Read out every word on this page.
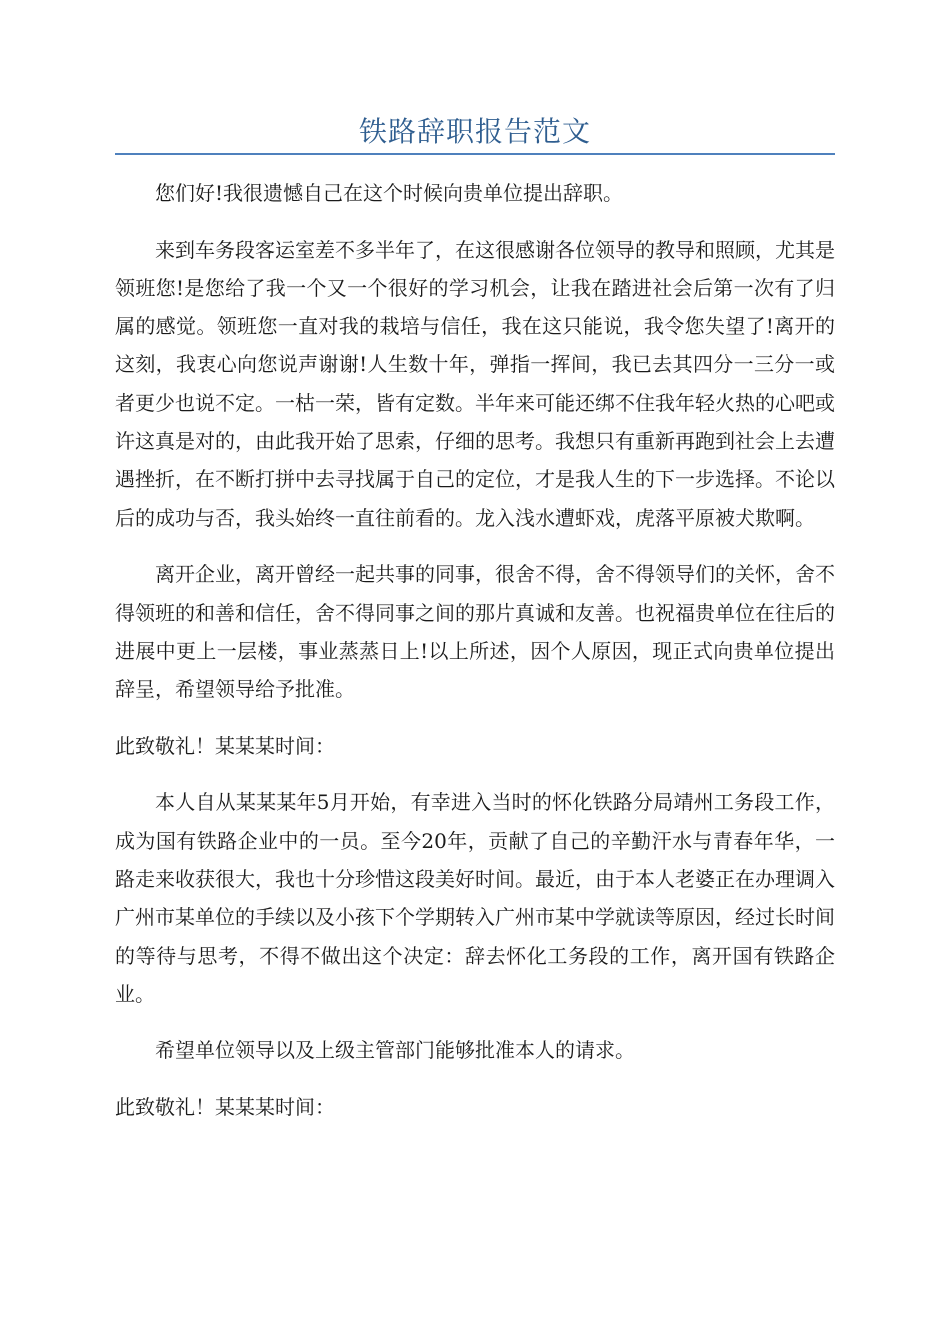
铁路辞职报告范文

您们好!我很遗憾自己在这个时候向贵单位提出辞职。

来到车务段客运室差不多半年了，在这很感谢各位领导的教导和照顾，尤其是领班您!是您给了我一个又一个很好的学习机会，让我在踏进社会后第一次有了归属的感觉。领班您一直对我的栽培与信任，我在这只能说，我令您失望了!离开的这刻，我衷心向您说声谢谢!人生数十年，弹指一挥间，我已去其四分一三分一或者更少也说不定。一枯一荣，皆有定数。半年来可能还绑不住我年轻火热的心吧或许这真是对的，由此我开始了思索，仔细的思考。我想只有重新再跑到社会上去遭遇挫折，在不断打拼中去寻找属于自己的定位，才是我人生的下一步选择。不论以后的成功与否，我头始终一直往前看的。龙入浅水遭虾戏，虎落平原被犬欺啊。

离开企业，离开曾经一起共事的同事，很舍不得，舍不得领导们的关怀，舍不得领班的和善和信任，舍不得同事之间的那片真诚和友善。也祝福贵单位在往后的进展中更上一层楼，事业蒸蒸日上!以上所述，因个人原因，现正式向贵单位提出辞呈，希望领导给予批准。

此致敬礼！某某某时间：

本人自从某某某年5月开始，有幸进入当时的怀化铁路分局靖州工务段工作，成为国有铁路企业中的一员。至今20年，贡献了自己的辛勤汗水与青春年华，一路走来收获很大，我也十分珍惜这段美好时间。最近，由于本人老婆正在办理调入广州市某单位的手续以及小孩下个学期转入广州市某中学就读等原因，经过长时间的等待与思考，不得不做出这个决定：辞去怀化工务段的工作，离开国有铁路企业。

希望单位领导以及上级主管部门能够批准本人的请求。

此致敬礼！某某某时间：
